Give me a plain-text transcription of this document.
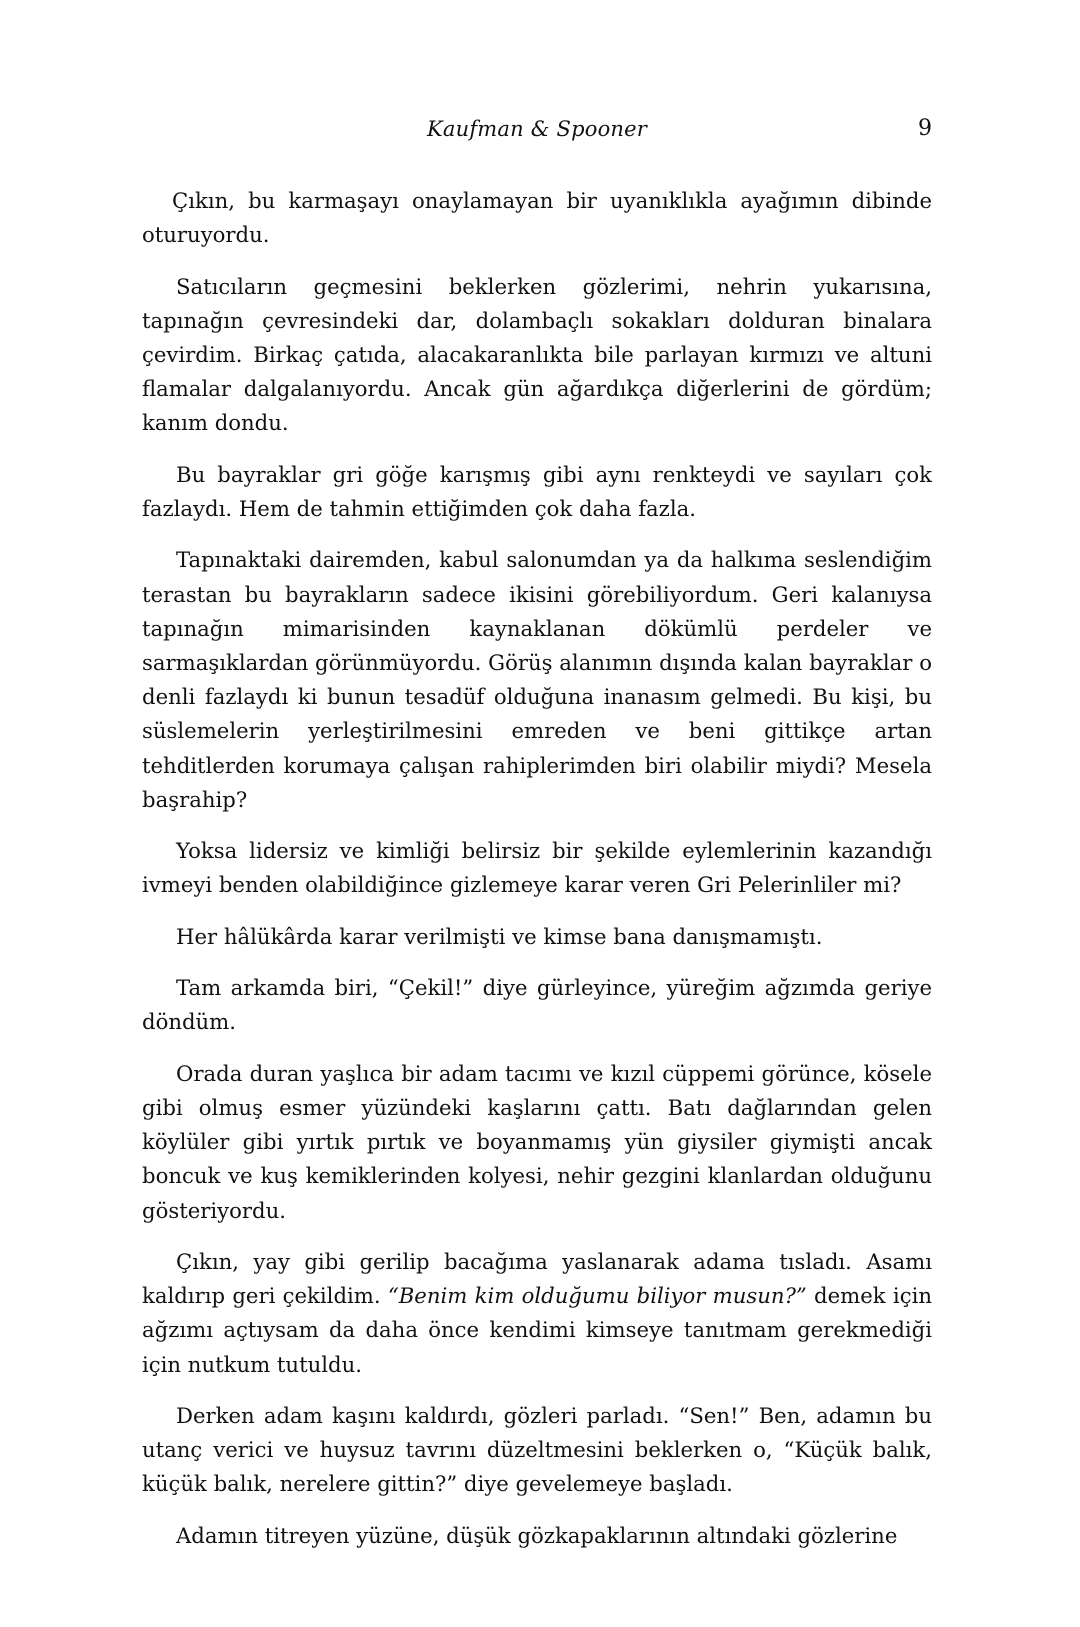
Kaufman & Spooner	9

Çıkın, bu karmaşayı onaylamayan bir uyanıklıkla ayağımın dibinde oturuyordu.

Satıcıların geçmesini beklerken gözlerimi, nehrin yukarısına, tapınağın çevresindeki dar, dolambaçlı sokakları dolduran binalara çevirdim. Birkaç çatıda, alacakaranlıkta bile parlayan kırmızı ve altuni flamalar dalgalanıyordu. Ancak gün ağardıkça diğerlerini de gördüm; kanım dondu.

Bu bayraklar gri göğe karışmış gibi aynı renkteydi ve sayıları çok fazlaydı. Hem de tahmin ettiğimden çok daha fazla.

Tapınaktaki dairemden, kabul salonumdan ya da halkıma seslendiğim terastan bu bayrakların sadece ikisini görebiliyordum. Geri kalanıysa tapınağın mimarisinden kaynaklanan dökümlü perdeler ve sarmaşıklardan görünmüyordu. Görüş alanımın dışında kalan bayraklar o denli fazlaydı ki bunun tesadüf olduğuna inanasım gelmedi. Bu kişi, bu süslemelerin yerleştirilmesini emreden ve beni gittikçe artan tehditlerden korumaya çalışan rahiplerimden biri olabilir miydi? Mesela başrahip?

Yoksa lidersiz ve kimliği belirsiz bir şekilde eylemlerinin kazandığı ivmeyi benden olabildiğince gizlemeye karar veren Gri Pelerinliler mi?

Her hâlükârda karar verilmişti ve kimse bana danışmamıştı.

Tam arkamda biri, “Çekil!” diye gürleyince, yüreğim ağzımda geriye döndüm.

Orada duran yaşlıca bir adam tacımı ve kızıl cüppemi görünce, kösele gibi olmuş esmer yüzündeki kaşlarını çattı. Batı dağlarından gelen köylüler gibi yırtık pırtık ve boyanmamış yün giysiler giymişti ancak boncuk ve kuş kemiklerinden kolyesi, nehir gezgini klanlardan olduğunu gösteriyordu.

Çıkın, yay gibi gerilip bacağıma yaslanarak adama tısladı. Asamı kaldırıp geri çekildim. “Benim kim olduğumu biliyor musun?” demek için ağzımı açtıysam da daha önce kendimi kimseye tanıtmam gerekmediği için nutkum tutuldu.

Derken adam kaşını kaldırdı, gözleri parladı. “Sen!” Ben, adamın bu utanç verici ve huysuz tavrını düzeltmesini beklerken o, “Küçük balık, küçük balık, nerelere gittin?” diye gevelemeye başladı.

Adamın titreyen yüzüne, düşük gözkapaklarının altındaki gözlerine
